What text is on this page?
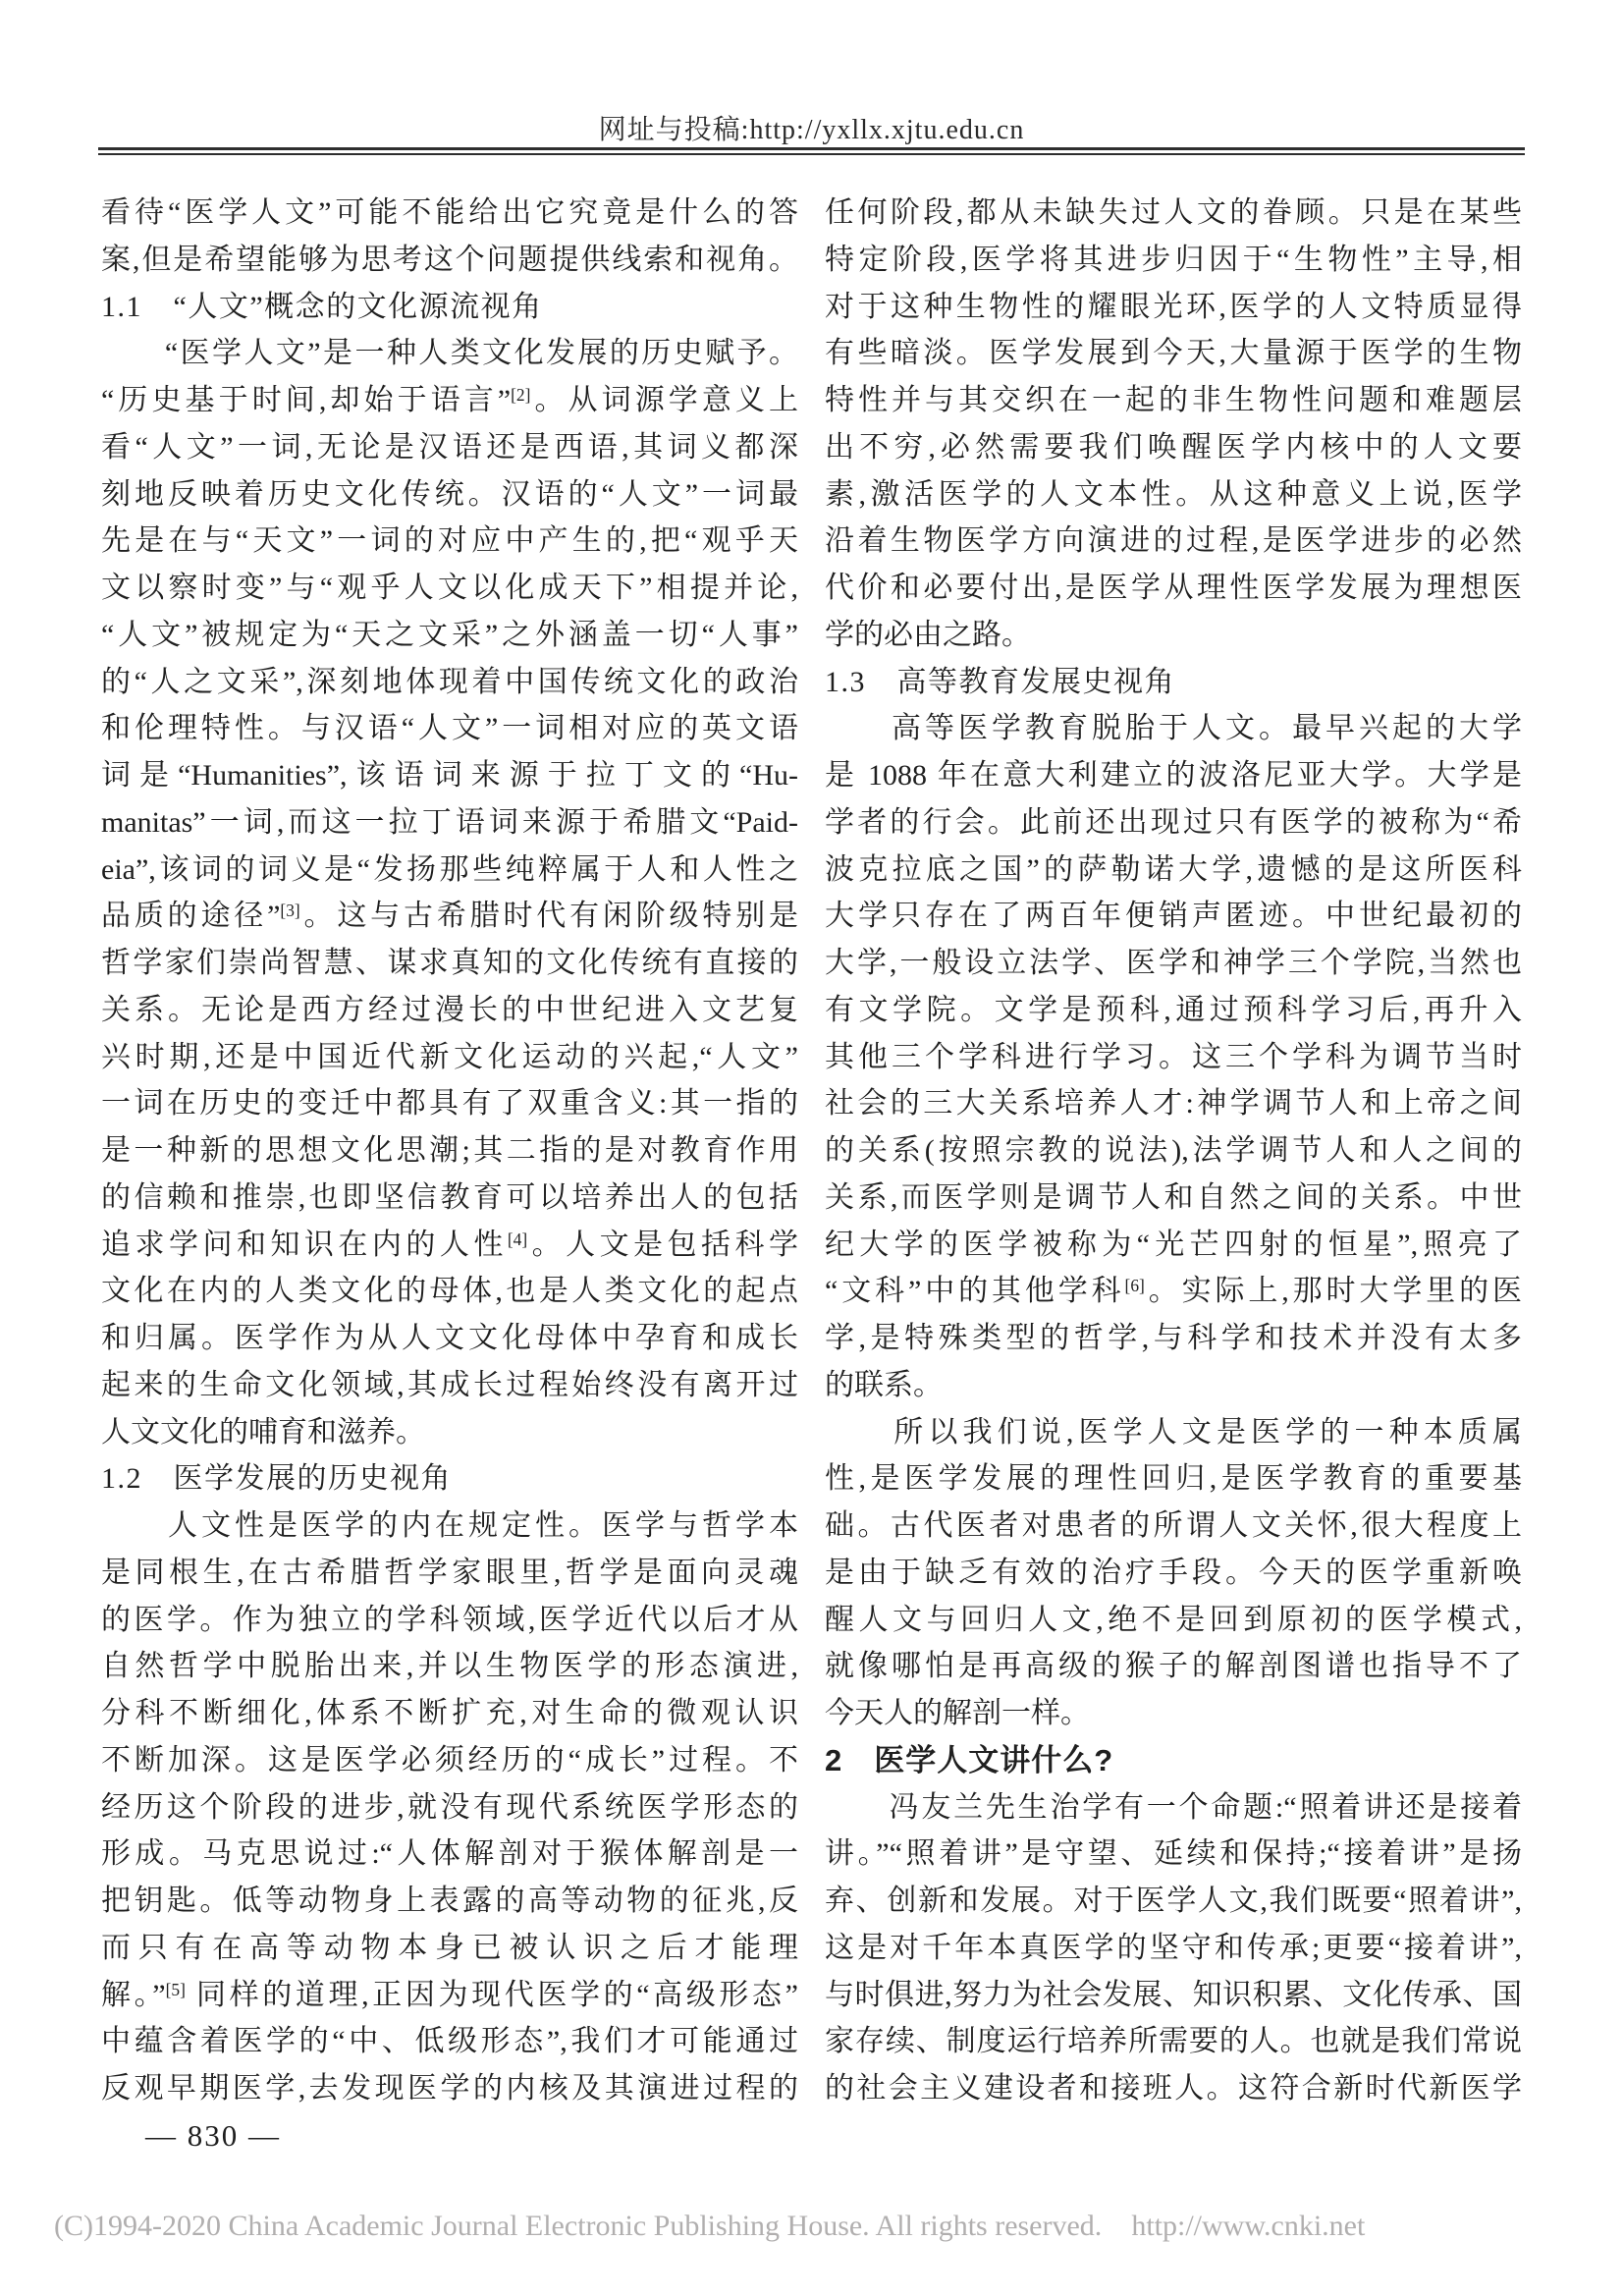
网址与投稿:http://yxllx.xjtu.edu.cn
看待“医学人文”可能不能给出它究竟是什么的答
案,但是希望能够为思考这个问题提供线索和视角。
1.1　“人文”概念的文化源流视角
　　“医学人文”是一种人类文化发展的历史赋予。
“历史基于时间,却始于语言”[2]。从词源学意义上
看“人文”一词,无论是汉语还是西语,其词义都深
刻地反映着历史文化传统。汉语的“人文”一词最
先是在与“天文”一词的对应中产生的,把“观乎天
文以察时变”与“观乎人文以化成天下”相提并论,
“人文”被规定为“天之文采”之外涵盖一切“人事”
的“人之文采”,深刻地体现着中国传统文化的政治
和伦理特性。与汉语“人文”一词相对应的英文语
词是“Humanities”,该语词来源于拉丁文的“Hu-
manitas”一词,而这一拉丁语词来源于希腊文“Paid-
eia”,该词的词义是“发扬那些纯粹属于人和人性之
品质的途径”[3]。这与古希腊时代有闲阶级特别是
哲学家们崇尚智慧、谋求真知的文化传统有直接的
关系。无论是西方经过漫长的中世纪进入文艺复
兴时期,还是中国近代新文化运动的兴起,“人文”
一词在历史的变迁中都具有了双重含义:其一指的
是一种新的思想文化思潮;其二指的是对教育作用
的信赖和推崇,也即坚信教育可以培养出人的包括
追求学问和知识在内的人性[4]。人文是包括科学
文化在内的人类文化的母体,也是人类文化的起点
和归属。医学作为从人文文化母体中孕育和成长
起来的生命文化领域,其成长过程始终没有离开过
人文文化的哺育和滋养。
1.2　医学发展的历史视角
　　人文性是医学的内在规定性。医学与哲学本
是同根生,在古希腊哲学家眼里,哲学是面向灵魂
的医学。作为独立的学科领域,医学近代以后才从
自然哲学中脱胎出来,并以生物医学的形态演进,
分科不断细化,体系不断扩充,对生命的微观认识
不断加深。这是医学必须经历的“成长”过程。不
经历这个阶段的进步,就没有现代系统医学形态的
形成。马克思说过:“人体解剖对于猴体解剖是一
把钥匙。低等动物身上表露的高等动物的征兆,反
而只有在高等动物本身已被认识之后才能理
解。”[5] 同样的道理,正因为现代医学的“高级形态”
中蕴含着医学的“中、低级形态”,我们才可能通过
反观早期医学,去发现医学的内核及其演进过程的
任何阶段,都从未缺失过人文的眷顾。只是在某些
特定阶段,医学将其进步归因于“生物性”主导,相
对于这种生物性的耀眼光环,医学的人文特质显得
有些暗淡。医学发展到今天,大量源于医学的生物
特性并与其交织在一起的非生物性问题和难题层
出不穷,必然需要我们唤醒医学内核中的人文要
素,激活医学的人文本性。从这种意义上说,医学
沿着生物医学方向演进的过程,是医学进步的必然
代价和必要付出,是医学从理性医学发展为理想医
学的必由之路。
1.3　高等教育发展史视角
　　高等医学教育脱胎于人文。最早兴起的大学
是 1088 年在意大利建立的波洛尼亚大学。大学是
学者的行会。此前还出现过只有医学的被称为“希
波克拉底之国”的萨勒诺大学,遗憾的是这所医科
大学只存在了两百年便销声匿迹。中世纪最初的
大学,一般设立法学、医学和神学三个学院,当然也
有文学院。文学是预科,通过预科学习后,再升入
其他三个学科进行学习。这三个学科为调节当时
社会的三大关系培养人才:神学调节人和上帝之间
的关系(按照宗教的说法),法学调节人和人之间的
关系,而医学则是调节人和自然之间的关系。中世
纪大学的医学被称为“光芒四射的恒星”,照亮了
“文科”中的其他学科[6]。实际上,那时大学里的医
学,是特殊类型的哲学,与科学和技术并没有太多
的联系。
　　所以我们说,医学人文是医学的一种本质属
性,是医学发展的理性回归,是医学教育的重要基
础。古代医者对患者的所谓人文关怀,很大程度上
是由于缺乏有效的治疗手段。今天的医学重新唤
醒人文与回归人文,绝不是回到原初的医学模式,
就像哪怕是再高级的猴子的解剖图谱也指导不了
今天人的解剖一样。
2　医学人文讲什么?
　　冯友兰先生治学有一个命题:“照着讲还是接着
讲。”“照着讲”是守望、延续和保持;“接着讲”是扬
弃、创新和发展。对于医学人文,我们既要“照着讲”,
这是对千年本真医学的坚守和传承;更要“接着讲”,
与时俱进,努力为社会发展、知识积累、文化传承、国
家存续、制度运行培养所需要的人。也就是我们常说
的社会主义建设者和接班人。这符合新时代新医学
— 830 —
(C)1994-2020 China Academic Journal Electronic Publishing House. All rights reserved. http://www.cnki.net
